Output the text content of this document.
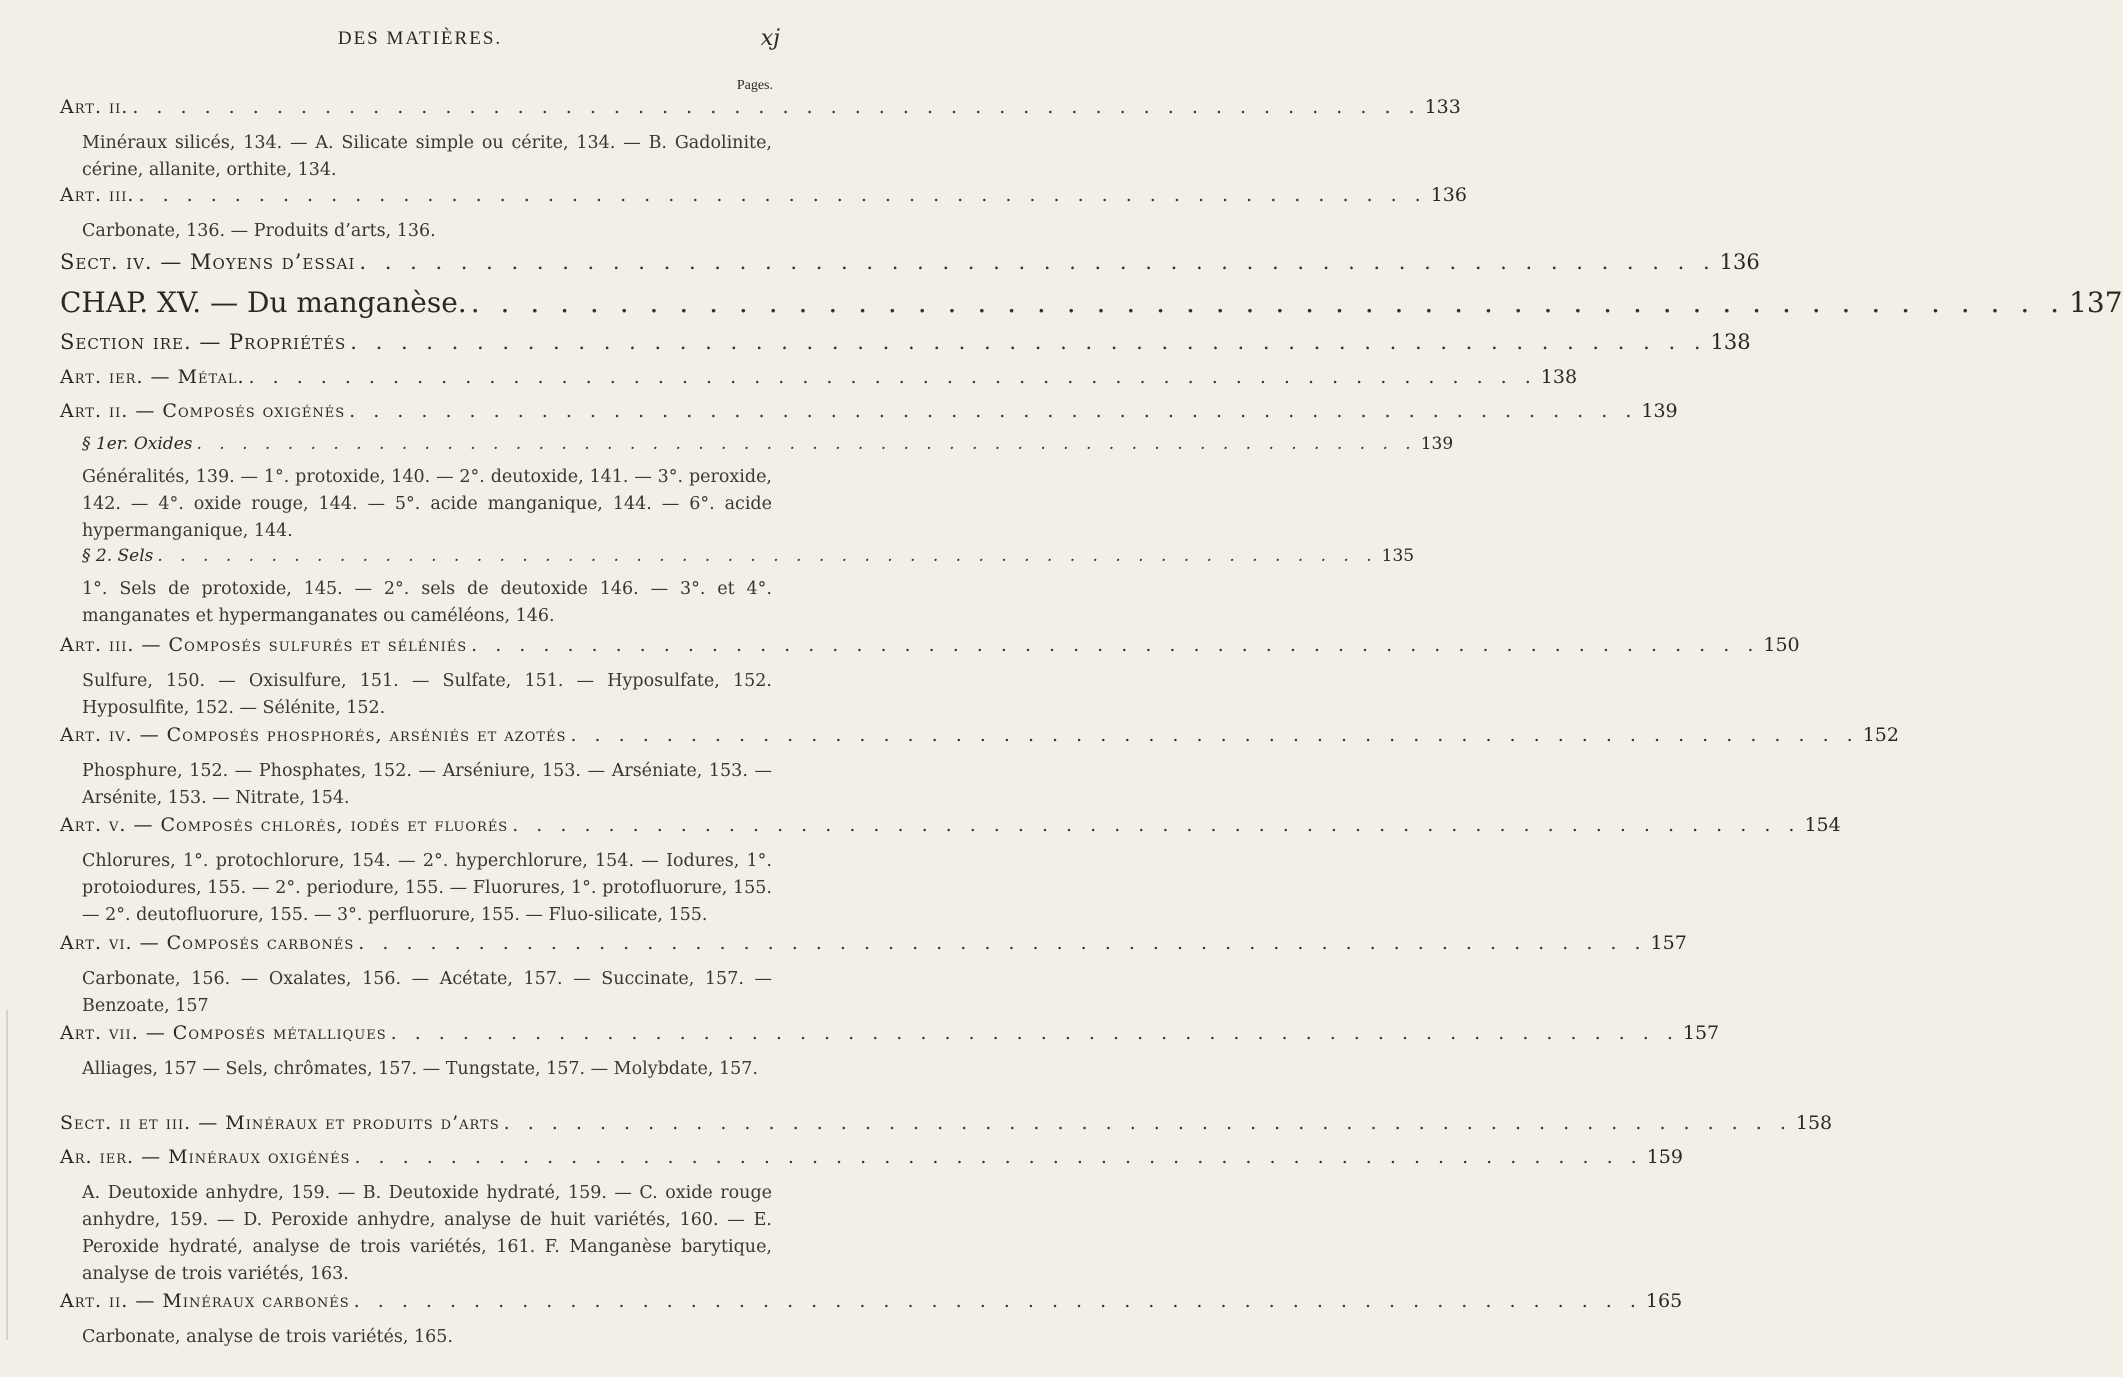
DES MATIÈRES.	xj
Pages.
Art. ii. . . . . . . . . . . . . . . . . . . . . . . . . . . . . . . . . . . . . . . . . . . . . . . . . . . . . . . 133
Minéraux silicés, 134. — A. Silicate simple ou cérite, 134. — B. Gadolinite, cérine, allanite, orthite, 134.
Art. iii. . . . . . . . . . . . . . . . . . . . . . . . . . . . . . . . . . . . . . . . . . . . . . . . . . . . . . . 136
Carbonate, 136. — Produits d’arts, 136.
Sect. iv. — Moyens d’essai . . . . . . . . . . . . . . . . . . . . . . . . . . . . . . . . . . . . . . . . . . . . . . . . . . . . . . 136
CHAP. XV. — Du manganèse. . . . . . . . . . . . . . . . . . . . . . . . . . . . . . . . . . . . . . . . . . . . . . . . . . . . . . . 137
Section ire. — Propriétés . . . . . . . . . . . . . . . . . . . . . . . . . . . . . . . . . . . . . . . . . . . . . . . . . . . . . . 138
Art. ier. — Métal. . . . . . . . . . . . . . . . . . . . . . . . . . . . . . . . . . . . . . . . . . . . . . . . . . . . . . . 138
Art. ii. — Composés oxigénés . . . . . . . . . . . . . . . . . . . . . . . . . . . . . . . . . . . . . . . . . . . . . . . . . . . . . . 139
§ 1er. Oxides . . . . . . . . . . . . . . . . . . . . . . . . . . . . . . . . . . . . . . . . . . . . . . . . . . . . . . 139
Généralités, 139. — 1°. protoxide, 140. — 2°. deutoxide, 141. — 3°. peroxide, 142. — 4°. oxide rouge, 144. — 5°. acide manganique, 144. — 6°. acide hypermanganique, 144.
§ 2. Sels . . . . . . . . . . . . . . . . . . . . . . . . . . . . . . . . . . . . . . . . . . . . . . . . . . . . . . 135
1°. Sels de protoxide, 145. — 2°. sels de deutoxide 146. — 3°. et 4°. manganates et hypermanganates ou caméléons, 146.
Art. iii. — Composés sulfurés et séléniés . . . . . . . . . . . . . . . . . . . . . . . . . . . . . . . . . . . . . . . . . . . . . . . . . . . . . . 150
Sulfure, 150. — Oxisulfure, 151. — Sulfate, 151. — Hyposulfate, 152. Hyposulfite, 152. — Sélénite, 152.
Art. iv. — Composés phosphorés, arséniés et azotés . . . . . . . . . . . . . . . . . . . . . . . . . . . . . . . . . . . . . . . . . . . . . . . . . . . . . . 152
Phosphure, 152. — Phosphates, 152. — Arséniure, 153. — Arséniate, 153. — Arsénite, 153. — Nitrate, 154.
Art. v. — Composés chlorés, iodés et fluorés . . . . . . . . . . . . . . . . . . . . . . . . . . . . . . . . . . . . . . . . . . . . . . . . . . . . . . 154
Chlorures, 1°. protochlorure, 154. — 2°. hyperchlorure, 154. — Iodures, 1°. protoiodures, 155. — 2°. periodure, 155. — Fluorures, 1°. protofluorure, 155. — 2°. deutofluorure, 155. — 3°. perfluorure, 155. — Fluo-silicate, 155.
Art. vi. — Composés carbonés . . . . . . . . . . . . . . . . . . . . . . . . . . . . . . . . . . . . . . . . . . . . . . . . . . . . . . 157
Carbonate, 156. — Oxalates, 156. — Acétate, 157. — Succinate, 157. — Benzoate, 157
Art. vii. — Composés métalliques . . . . . . . . . . . . . . . . . . . . . . . . . . . . . . . . . . . . . . . . . . . . . . . . . . . . . . 157
Alliages, 157 — Sels, chrômates, 157. — Tungstate, 157. — Molybdate, 157.
Sect. ii et iii. — Minéraux et produits d’arts . . . . . . . . . . . . . . . . . . . . . . . . . . . . . . . . . . . . . . . . . . . . . . . . . . . . . . 158
Ar. ier. — Minéraux oxigénés . . . . . . . . . . . . . . . . . . . . . . . . . . . . . . . . . . . . . . . . . . . . . . . . . . . . . . 159
A. Deutoxide anhydre, 159. — B. Deutoxide hydraté, 159. — C. oxide rouge anhydre, 159. — D. Peroxide anhydre, analyse de huit variétés, 160. — E. Peroxide hydraté, analyse de trois variétés, 161. F. Manganèse barytique, analyse de trois variétés, 163.
Art. ii. — Minéraux carbonés . . . . . . . . . . . . . . . . . . . . . . . . . . . . . . . . . . . . . . . . . . . . . . . . . . . . . . 165
Carbonate, analyse de trois variétés, 165.
